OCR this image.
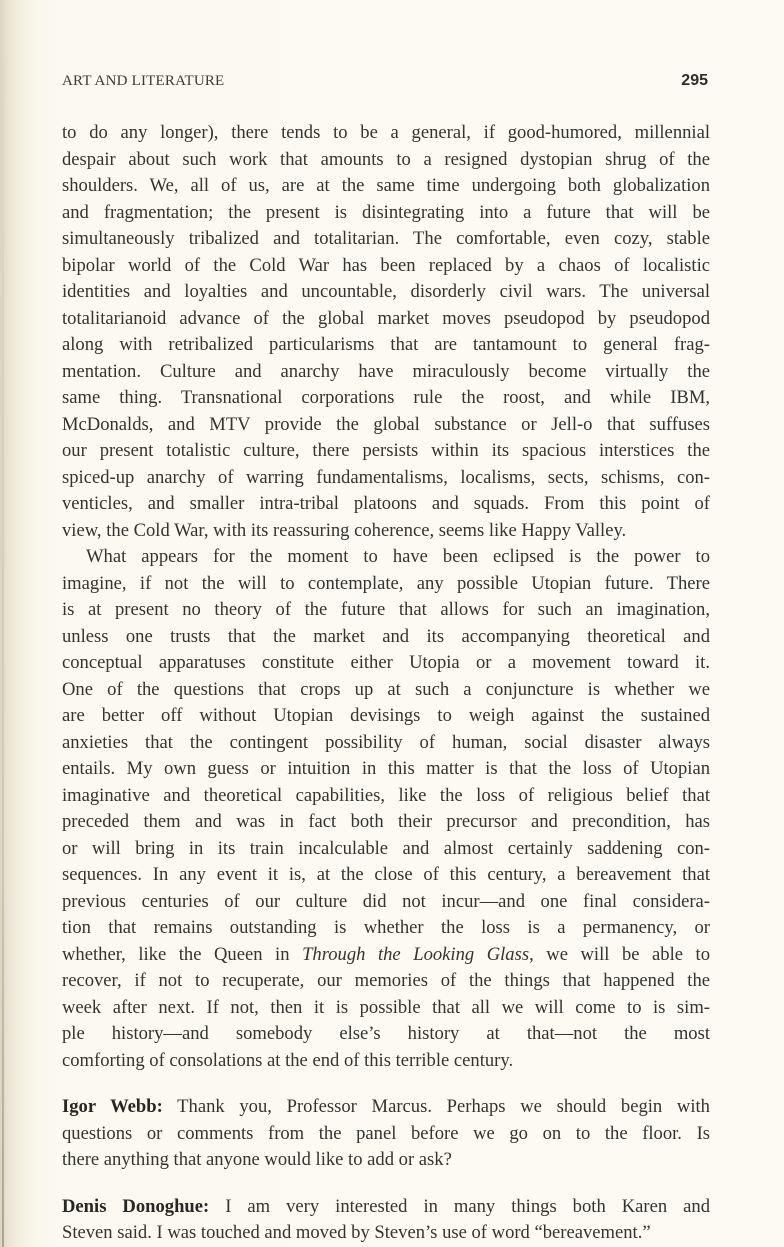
ART AND LITERATURE	295

to do any longer), there tends to be a general, if good-humored, millennial
despair about such work that amounts to a resigned dystopian shrug of the
shoulders. We, all of us, are at the same time undergoing both globalization
and fragmentation; the present is disintegrating into a future that will be
simultaneously tribalized and totalitarian. The comfortable, even cozy, stable
bipolar world of the Cold War has been replaced by a chaos of localistic
identities and loyalties and uncountable, disorderly civil wars. The universal
totalitarianoid advance of the global market moves pseudopod by pseudopod
along with retribalized particularisms that are tantamount to general frag-
mentation. Culture and anarchy have miraculously become virtually the
same thing. Transnational corporations rule the roost, and while IBM,
McDonalds, and MTV provide the global substance or Jell-o that suffuses
our present totalistic culture, there persists within its spacious interstices the
spiced-up anarchy of warring fundamentalisms, localisms, sects, schisms, con-
venticles, and smaller intra-tribal platoons and squads. From this point of
view, the Cold War, with its reassuring coherence, seems like Happy Valley.

What appears for the moment to have been eclipsed is the power to
imagine, if not the will to contemplate, any possible Utopian future. There
is at present no theory of the future that allows for such an imagination,
unless one trusts that the market and its accompanying theoretical and
conceptual apparatuses constitute either Utopia or a movement toward it.
One of the questions that crops up at such a conjuncture is whether we
are better off without Utopian devisings to weigh against the sustained
anxieties that the contingent possibility of human, social disaster always
entails. My own guess or intuition in this matter is that the loss of Utopian
imaginative and theoretical capabilities, like the loss of religious belief that
preceded them and was in fact both their precursor and precondition, has
or will bring in its train incalculable and almost certainly saddening con-
sequences. In any event it is, at the close of this century, a bereavement that
previous centuries of our culture did not incur—and one final considera-
tion that remains outstanding is whether the loss is a permanency, or
whether, like the Queen in Through the Looking Glass, we will be able to
recover, if not to recuperate, our memories of the things that happened the
week after next. If not, then it is possible that all we will come to is sim-
ple history—and somebody else’s history at that—not the most
comforting of consolations at the end of this terrible century.

Igor Webb: Thank you, Professor Marcus. Perhaps we should begin with
questions or comments from the panel before we go on to the floor. Is
there anything that anyone would like to add or ask?

Denis Donoghue: I am very interested in many things both Karen and
Steven said. I was touched and moved by Steven’s use of word “bereavement.”
